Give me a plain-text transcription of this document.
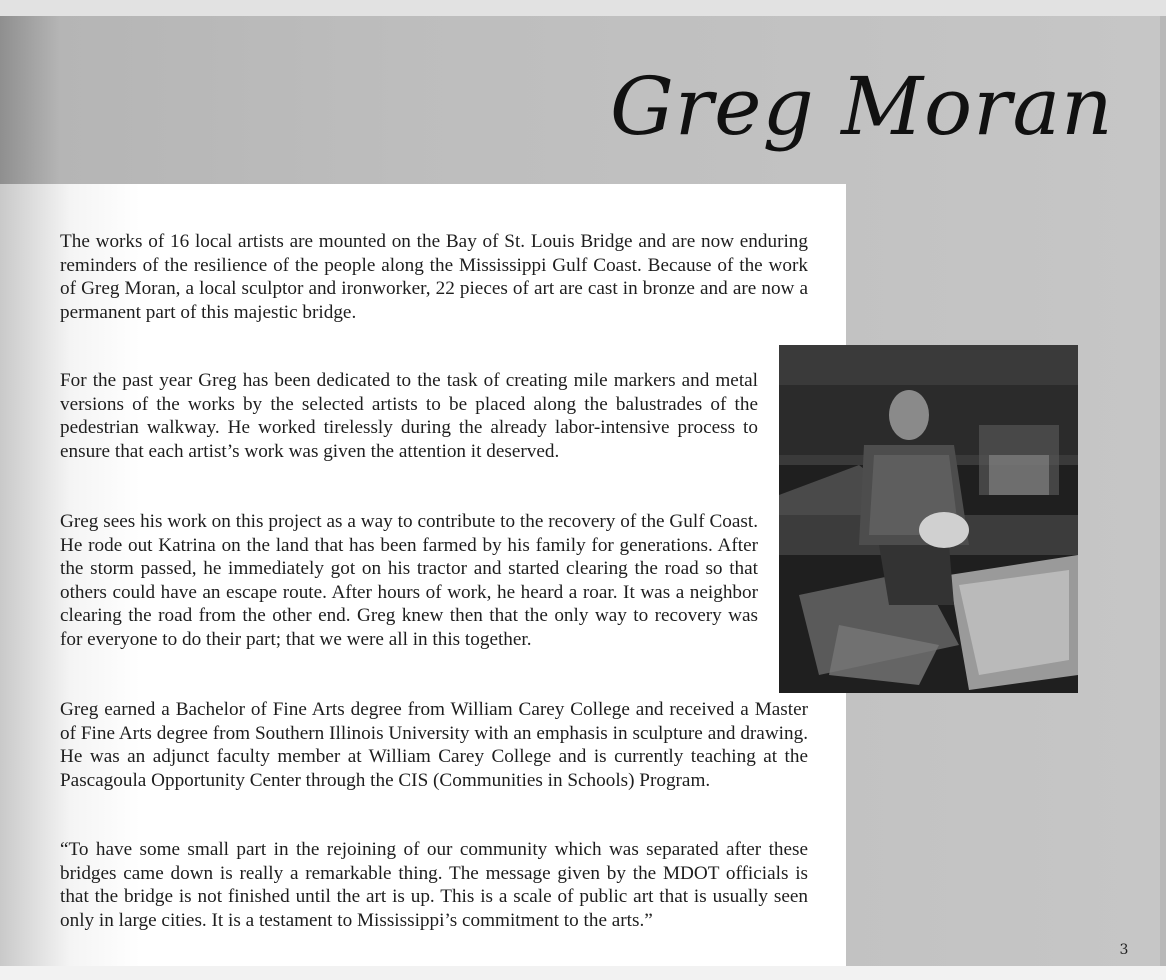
Greg Moran

The works of 16 local artists are mounted on the Bay of St. Louis Bridge and are now enduring reminders of the resilience of the people along the Mississippi Gulf Coast. Because of the work of Greg Moran, a local sculptor and ironworker, 22 pieces of art are cast in bronze and are now a permanent part of this majestic bridge.

For the past year Greg has been dedicated to the task of creating mile markers and metal versions of the works by the selected artists to be placed along the balustrades of the pedestrian walkway. He worked tirelessly during the already labor-intensive process to ensure that each artist’s work was given the attention it deserved.

Greg sees his work on this project as a way to contribute to the recovery of the Gulf Coast. He rode out Katrina on the land that has been farmed by his family for generations. After the storm passed, he immediately got on his tractor and started clearing the road so that others could have an escape route. After hours of work, he heard a roar. It was a neighbor clearing the road from the other end. Greg knew then that the only way to recovery was for everyone to do their part; that we were all in this together.

Greg earned a Bachelor of Fine Arts degree from William Carey College and received a Master of Fine Arts degree from Southern Illinois University with an emphasis in sculpture and drawing. He was an adjunct faculty member at William Carey College and is currently teaching at the Pascagoula Opportunity Center through the CIS (Communities in Schools) Program.

“To have some small part in the rejoining of our community which was separated after these bridges came down is really a remarkable thing. The message given by the MDOT officials is that the bridge is not finished until the art is up. This is a scale of public art that is usually seen only in large cities. It is a testament to Mississippi’s commitment to the arts.”

3
